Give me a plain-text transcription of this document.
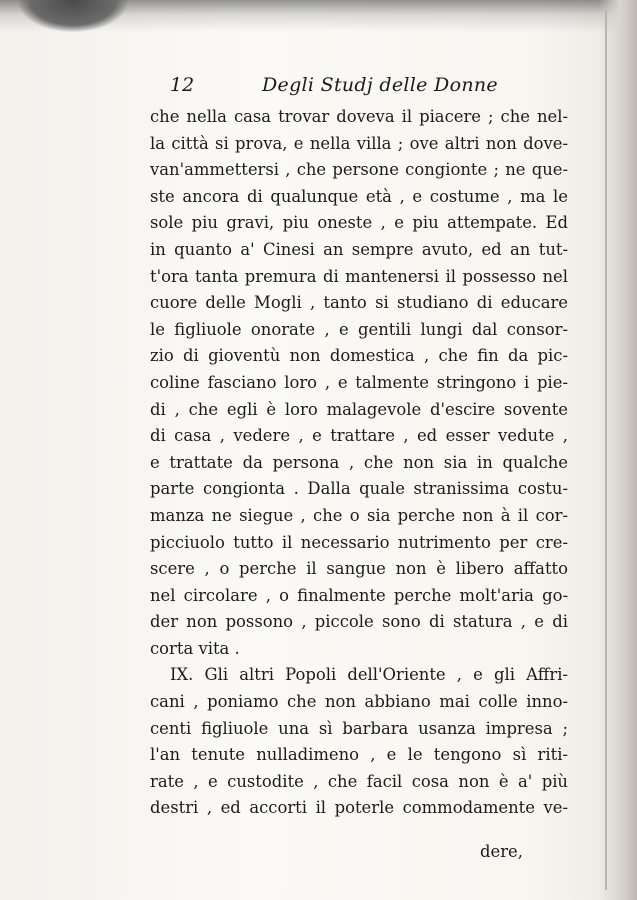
12	Degli Studj delle Donne
che nella casa trovar doveva il piacere ; che nel-
la città si prova, e nella villa ; ove altri non dove-
van'ammettersi , che persone congionte ; ne que-
ste ancora di qualunque età , e costume , ma le
sole piu gravi, piu oneste , e piu attempate. Ed
in quanto a' Cinesi an sempre avuto, ed an tut-
t'ora tanta premura di mantenersi il possesso nel
cuore delle Mogli , tanto si studiano di educare
le figliuole onorate , e gentili lungi dal consor-
zio di gioventù non domestica , che fin da pic-
coline fasciano loro , e talmente stringono i pie-
di , che egli è loro malagevole d'escire sovente
di casa , vedere , e trattare , ed esser vedute ,
e trattate da persona , che non sia in qualche
parte congionta . Dalla quale stranissima costu-
manza ne siegue , che o sia perche non à il cor-
picciuolo tutto il necessario nutrimento per cre-
scere , o perche il sangue non è libero affatto
nel circolare , o finalmente perche molt'aria go-
der non possono , piccole sono di statura , e di
corta vita .
IX. Gli altri Popoli dell'Oriente , e gli Affri-
cani , poniamo che non abbiano mai colle inno-
centi figliuole una sì barbara usanza impresa ;
l'an tenute nulladimeno , e le tengono sì riti-
rate , e custodite , che facil cosa non è a' più
destri , ed accorti il poterle commodamente ve-
dere,
